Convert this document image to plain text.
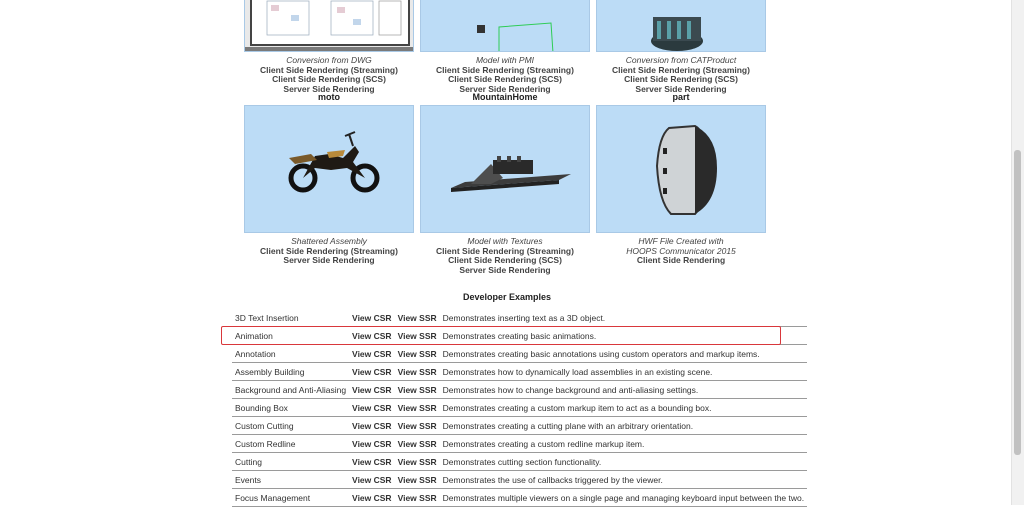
Conversion from DWG
Client Side Rendering (Streaming)
Client Side Rendering (SCS)
Server Side Rendering
Model with PMI
Client Side Rendering (Streaming)
Client Side Rendering (SCS)
Server Side Rendering
Conversion from CATProduct
Client Side Rendering (Streaming)
Client Side Rendering (SCS)
Server Side Rendering
moto
Shattered Assembly
Client Side Rendering (Streaming)
Server Side Rendering
MountainHome
Model with Textures
Client Side Rendering (Streaming)
Client Side Rendering (SCS)
Server Side Rendering
part
HWF File Created with
HOOPS Communicator 2015
Client Side Rendering
Developer Examples
3D Text Insertion	View CSR	View SSR	Demonstrates inserting text as a 3D object.
Animation	View CSR	View SSR	Demonstrates creating basic animations.
Annotation	View CSR	View SSR	Demonstrates creating basic annotations using custom operators and markup items.
Assembly Building	View CSR	View SSR	Demonstrates how to dynamically load assemblies in an existing scene.
Background and Anti-Aliasing	View CSR	View SSR	Demonstrates how to change background and anti-aliasing settings.
Bounding Box	View CSR	View SSR	Demonstrates creating a custom markup item to act as a bounding box.
Custom Cutting	View CSR	View SSR	Demonstrates creating a cutting plane with an arbitrary orientation.
Custom Redline	View CSR	View SSR	Demonstrates creating a custom redline markup item.
Cutting	View CSR	View SSR	Demonstrates cutting section functionality.
Events	View CSR	View SSR	Demonstrates the use of callbacks triggered by the viewer.
Focus Management	View CSR	View SSR	Demonstrates multiple viewers on a single page and managing keyboard input between the two.
